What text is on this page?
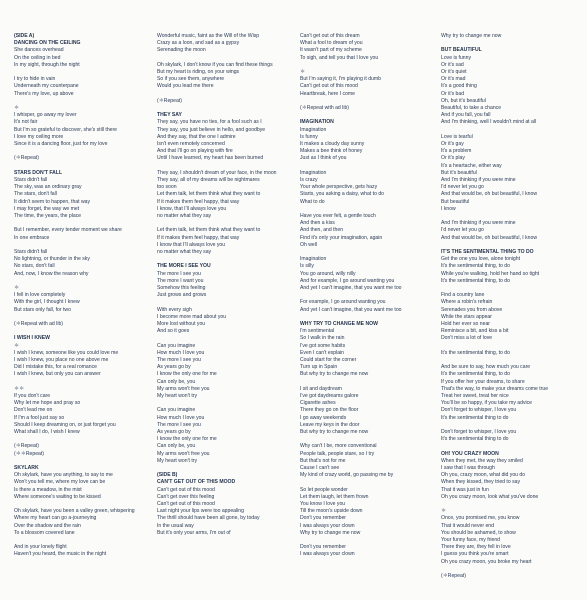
(SIDE A)
DANCING ON THE CEILING
She dances overhead
On the ceiling in bed
In my sight, through the night
I try to hide in vain
Underneath my counterpane
There's my love, up above
＊
I whisper, go away my lover
It's not fair
But I'm so grateful to discover, she's still there
I love my ceiling more
Since it is a dancing floor, just for my love
(＊Repeat)
STARS DON'T FALL
Stars didn't fall
The sky, was an ordinary gray
The stars, don't fall
It didn't seem to happen, that way
I may forget, the way we met
The time, the years, the place
But I remember, every tender moment we share
In one embrace
Stars didn't fall
No lightning, or thunder in the sky
No stars, don't fall
And, now, I know the reason why
＊
I fell in love completely
With the girl, I thought I knew
But stars only fall, for two
(＊Repeat with ad lib)
I WISH I KNEW
＊
I wish I knew, someone like you could love me
I wish I knew, you place no one above me
Did I mistake this, for a real romance
I wish I knew, but only you can answer
＊＊
If you don't care
Why let me hope and pray so
Don't lead me on
If I'm a fool just say so
Should I keep dreaming on, or just forget you
What shall I do, I wish I knew
(＊Repeat)
(＊＊Repeat)
SKYLARK
Oh skylark, have you anything, to say to me
Won't you tell me, where my love can be
Is there a meadow, in the mist
Where someone's waiting to be kissed
Oh skylark, have you been a valley green, whispering
Where my heart can go a-journeying
Over the shadow and the rain
To a blossom covered lane
And in your lonely flight
Haven't you heard, the music in the night
Wonderful music, faint as the Will of the Wisp
Crazy as a loon, and sad as a gypsy
Serenading the moon
Oh skylark, I don't know if you can find these things
But my heart is riding, on your wings
So if you see them, anywhere
Would you lead me there
(＊Repeat)
THEY SAY
They say, you have no ties, for a fool such as I
They say, you just believe in hello, and goodbye
And they say, that the one I admire
Isn't even remotely concerned
And that I'll go on playing with fire
Until I have learned, my heart has been burned
They say, I shouldn't dream of your face, in the moon
They say, all of my dreams will be nightmares
too soon
Let them talk, let them think what they want to
If it makes them feel happy, that way
I know, that I'll always love you
no matter what they say
Let them talk, let them think what they want to
If it makes them feel happy, that way
I know that I'll always love you
no matter what they say
THE MORE I SEE YOU
The more I see you
The more I want you
Somehow this feeling
Just grows and grows
With every sigh
I become more mad about you
More lost without you
And so it goes
Can you imagine
How much I love you
The more I see you
As years go by
I know the only one for me
Can only be, you
My arms won't free you
My heart won't try
Can you imagine
How much I love you
The more I see you
As years go by
I know the only one for me
Can only be, you
My arms won't free you
My heart won't try
(SIDE B)
CAN'T GET OUT OF THIS MOOD
Can't get out of this mood
Can't get over this feeling
Can't get out of this mood
Last night your lips were too appealing
The thrill should have been all gone, by today
In the usual way
But it's only your arms, I'm out of
Can't get out of this dream
What a fool to dream of you
It wasn't part of my scheme
To sigh, and tell you that I love you
＊
But I'm saying it, I'm playing it dumb
Can't get out of this mood
Heartbreak, here I come
(＊Repeat with ad lib)
IMAGINATION
Imagination
Is funny
It makes a cloudy day sunny
Makes a bee think of honey
Just as I think of you
Imagination
Is crazy
Your whole perspective, gets hazy
Starts, you asking a daisy, what to do
What to do
Have you ever felt, a gentle touch
And then a kiss
And then, and then
Find it's only your imagination, again
Oh well
Imagination
Is silly
You go around, willy nilly
And for example, I go around wanting you
And yet I can't imagine, that you want me too
For example, I go around wanting you
And yet I can't imagine, that you want me too
WHY TRY TO CHANGE ME NOW
I'm sentimental
So I walk in the rain
I've got some habits
Even I can't explain
Could start for the corner
Turn up in Spain
But why try to change me now
I sit and daydream
I've got daydreams galore
Cigarette ashes
There they go on the floor
I go away weekends
Leave my keys in the door
But why try to change me now
Why can't I be, more conventional
People talk, people stare, so I try
But that's not for me
Cause I can't see
My kind of crazy world, go passing me by
So let people wonder
Let them laugh, let them frown
You know I love you
Till the moon's upside down
Don't you remember
I was always your clown
Why try to change me now
Don't you remember
I was always your clown
Why try to change me now
BUT BEAUTIFUL
Love is funny
Or it's sad
Or it's quiet
Or it's mad
It's a good thing
Or it's bad
Oh, but it's beautiful
Beautiful, to take a chance
And if you fall, you fall
And I'm thinking, well I wouldn't mind at all
Love is tearful
Or it's gay
It's a problem
Or it's play
It's a heartache, either way
But it's beautiful
And I'm thinking if you were mine
I'd never let you go
And that would be, oh but beautiful, I know
But beautiful
I know
And I'm thinking if you were mine
I'd never let you go
And that would be, oh but beautiful, I know
IT'S THE SENTIMENTAL THING TO DO
Get the one you love, alone tonight
It's the sentimental thing, to do
While you're walking, hold her hand so tight
It's the sentimental thing, to do
Find a country lane
Where a robin's refrain
Serenades you from above
While the stars appear
Hold her ever so near
Reminisce a bit, and kiss a bit
Don't miss a lot of love
It's the sentimental thing, to do
And be sure to say, how much you care
It's the sentimental thing, to do
If you offer her your dreams, to share
That's the way, to make your dreams come true
Treat her sweet, treat her nice
You'll be so happy, if you take my advice
Don't forget to whisper, I love you
It's the sentimental thing to do
Don't forget to whisper, I love you
It's the sentimental thing to do
OH! YOU CRAZY MOON
When they met, the way they smiled
I saw that I was through
Oh you, crazy moon, what did you do
When they kissed, they tried to say
That it was just in fun
Oh you crazy moon, look what you've done
＊
Once, you promised me, you know
That it would never end
You should be ashamed, to show
Your funny face, my friend
There they are, they fell in love
I guess you think you're smart
Oh you crazy moon, you broke my heart
(＊Repeat)
